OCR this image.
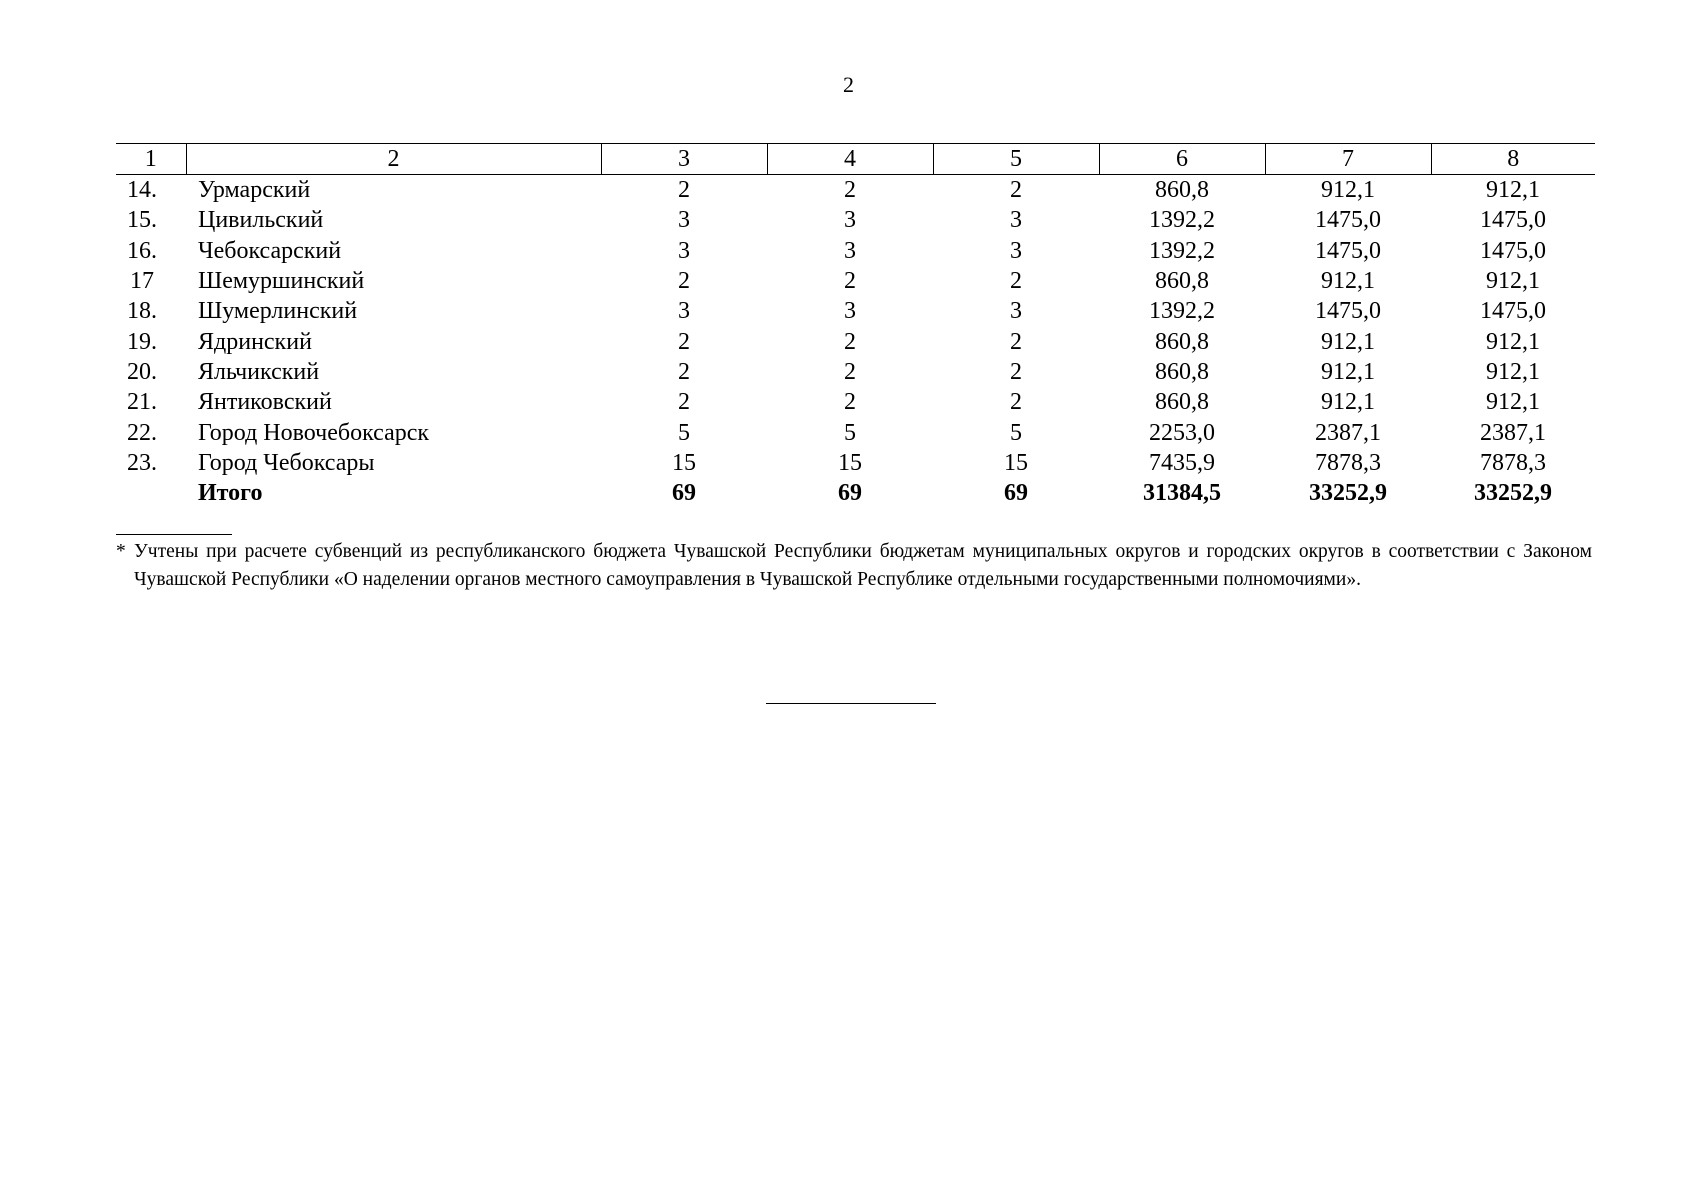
2
1	2	3	4	5	6	7	8
14.	Урмарский	2	2	2	860,8	912,1	912,1
15.	Цивильский	3	3	3	1392,2	1475,0	1475,0
16.	Чебоксарский	3	3	3	1392,2	1475,0	1475,0
17	Шемуршинский	2	2	2	860,8	912,1	912,1
18.	Шумерлинский	3	3	3	1392,2	1475,0	1475,0
19.	Ядринский	2	2	2	860,8	912,1	912,1
20.	Яльчикский	2	2	2	860,8	912,1	912,1
21.	Янтиковский	2	2	2	860,8	912,1	912,1
22.	Город Новочебоксарск	5	5	5	2253,0	2387,1	2387,1
23.	Город Чебоксары	15	15	15	7435,9	7878,3	7878,3
	Итого	69	69	69	31384,5	33252,9	33252,9
* Учтены при расчете субвенций из республиканского бюджета Чувашской Республики бюджетам муниципальных округов и городских округов в соответствии с Законом Чувашской Республики «О наделении органов местного самоуправления в Чувашской Республике отдельными государственными полномочиями».
